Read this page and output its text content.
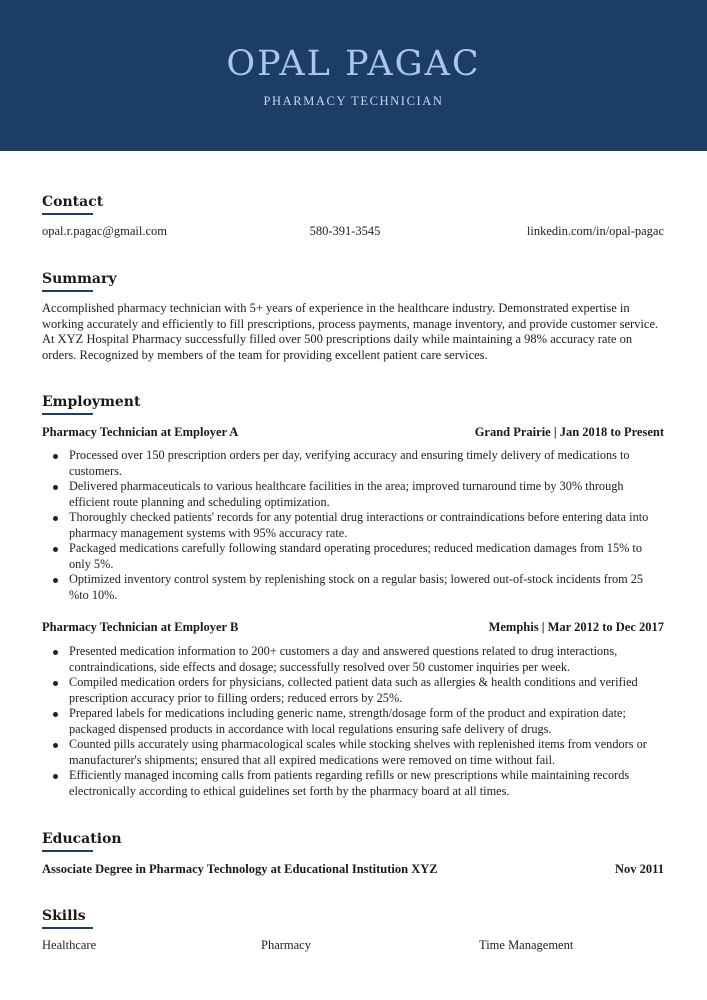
OPAL PAGAC
PHARMACY TECHNICIAN
Contact
opal.r.pagac@gmail.com	580-391-3545	linkedin.com/in/opal-pagac
Summary
Accomplished pharmacy technician with 5+ years of experience in the healthcare industry. Demonstrated expertise in working accurately and efficiently to fill prescriptions, process payments, manage inventory, and provide customer service. At XYZ Hospital Pharmacy successfully filled over 500 prescriptions daily while maintaining a 98% accuracy rate on orders. Recognized by members of the team for providing excellent patient care services.
Employment
Pharmacy Technician at Employer A	Grand Prairie | Jan 2018 to Present
Processed over 150 prescription orders per day, verifying accuracy and ensuring timely delivery of medications to customers.
Delivered pharmaceuticals to various healthcare facilities in the area; improved turnaround time by 30% through efficient route planning and scheduling optimization.
Thoroughly checked patients' records for any potential drug interactions or contraindications before entering data into pharmacy management systems with 95% accuracy rate.
Packaged medications carefully following standard operating procedures; reduced medication damages from 15% to only 5%.
Optimized inventory control system by replenishing stock on a regular basis; lowered out-of-stock incidents from 25 %to 10%.
Pharmacy Technician at Employer B	Memphis | Mar 2012 to Dec 2017
Presented medication information to 200+ customers a day and answered questions related to drug interactions, contraindications, side effects and dosage; successfully resolved over 50 customer inquiries per week.
Compiled medication orders for physicians, collected patient data such as allergies & health conditions and verified prescription accuracy prior to filling orders; reduced errors by 25%.
Prepared labels for medications including generic name, strength/dosage form of the product and expiration date; packaged dispensed products in accordance with local regulations ensuring safe delivery of drugs.
Counted pills accurately using pharmacological scales while stocking shelves with replenished items from vendors or manufacturer's shipments; ensured that all expired medications were removed on time without fail.
Efficiently managed incoming calls from patients regarding refills or new prescriptions while maintaining records electronically according to ethical guidelines set forth by the pharmacy board at all times.
Education
Associate Degree in Pharmacy Technology at Educational Institution XYZ	Nov 2011
Skills
Healthcare	Pharmacy	Time Management
